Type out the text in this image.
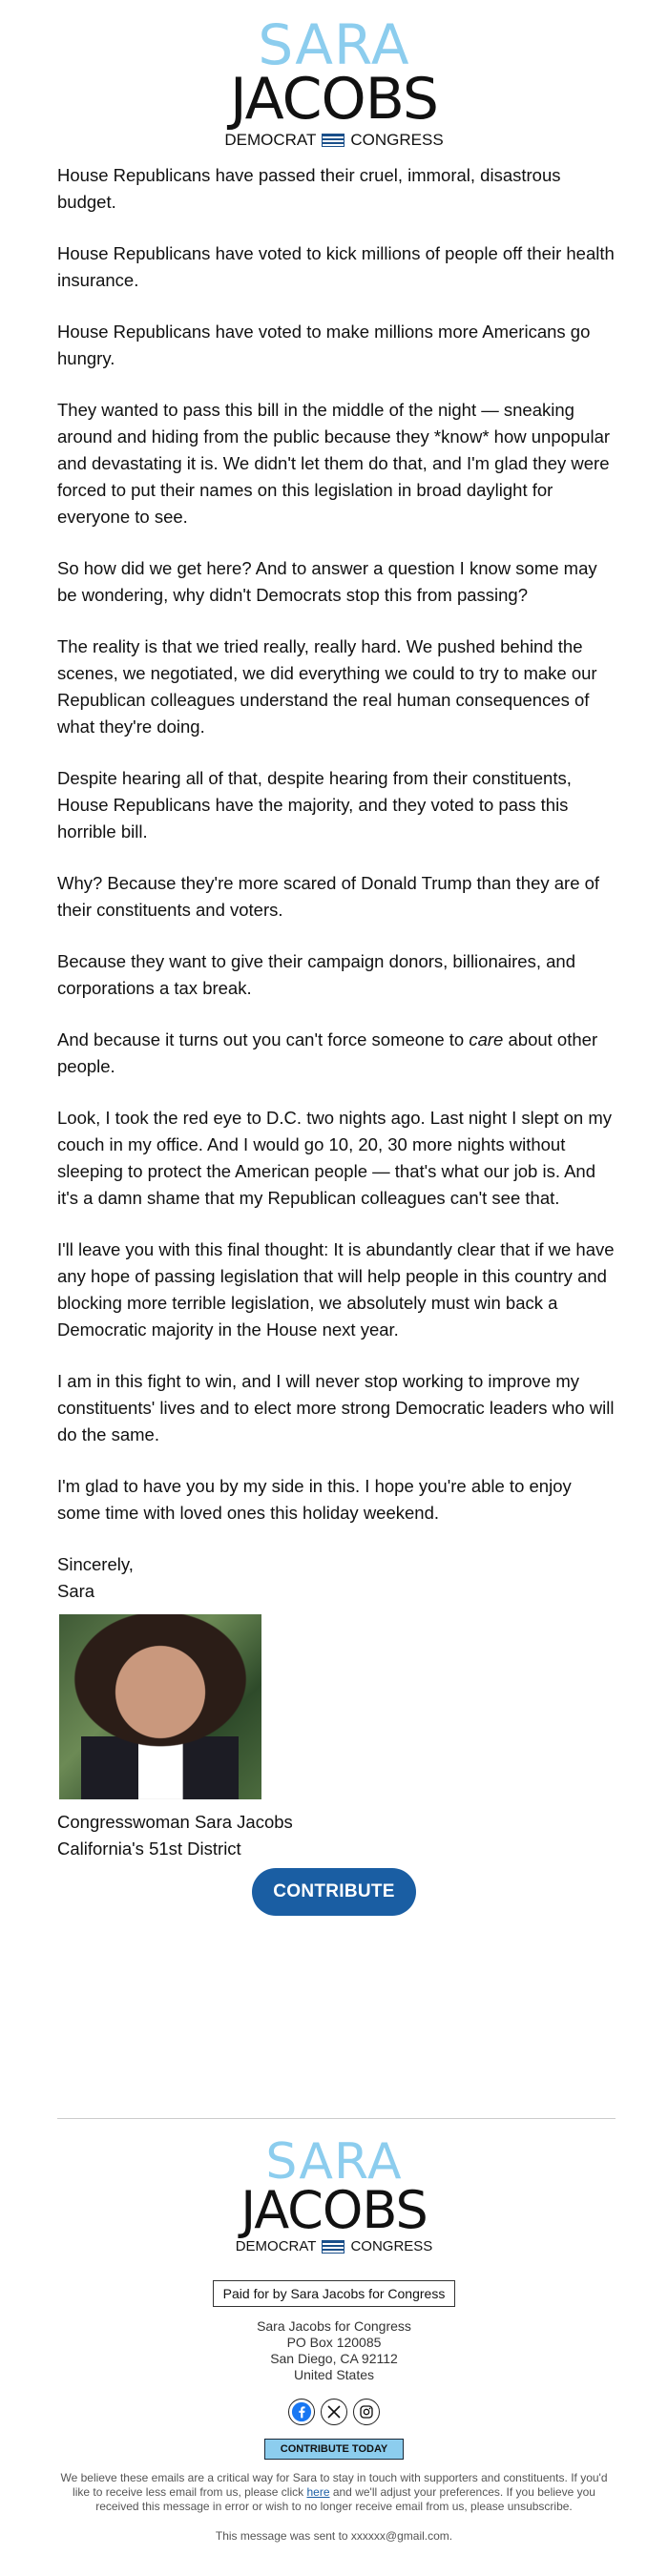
SARA
JACOBS
DEMOCRAT CONGRESS

House Republicans have passed their cruel, immoral, disastrous budget.

House Republicans have voted to kick millions of people off their health insurance.

House Republicans have voted to make millions more Americans go hungry.

They wanted to pass this bill in the middle of the night — sneaking around and hiding from the public because they *know* how unpopular and devastating it is. We didn't let them do that, and I'm glad they were forced to put their names on this legislation in broad daylight for everyone to see.

So how did we get here? And to answer a question I know some may be wondering, why didn't Democrats stop this from passing?

The reality is that we tried really, really hard. We pushed behind the scenes, we negotiated, we did everything we could to try to make our Republican colleagues understand the real human consequences of what they're doing.

Despite hearing all of that, despite hearing from their constituents, House Republicans have the majority, and they voted to pass this horrible bill.

Why? Because they're more scared of Donald Trump than they are of their constituents and voters.

Because they want to give their campaign donors, billionaires, and corporations a tax break.

And because it turns out you can't force someone to care about other people.

Look, I took the red eye to D.C. two nights ago. Last night I slept on my couch in my office. And I would go 10, 20, 30 more nights without sleeping to protect the American people — that's what our job is. And it's a damn shame that my Republican colleagues can't see that.

I'll leave you with this final thought: It is abundantly clear that if we have any hope of passing legislation that will help people in this country and blocking more terrible legislation, we absolutely must win back a Democratic majority in the House next year.

I am in this fight to win, and I will never stop working to improve my constituents' lives and to elect more strong Democratic leaders who will do the same.

I'm glad to have you by my side in this. I hope you're able to enjoy some time with loved ones this holiday weekend.

Sincerely,

Sara

Congresswoman Sara Jacobs

California's 51st District

CONTRIBUTE
SARA
JACOBS
DEMOCRAT CONGRESS
Paid for by Sara Jacobs for Congress
Sara Jacobs for Congress
PO Box 120085
San Diego, CA 92112
United States
CONTRIBUTE TODAY
We believe these emails are a critical way for Sara to stay in touch with supporters and constituents. If you'd like to receive less email from us, please click here and we'll adjust your preferences. If you believe you received this message in error or wish to no longer receive email from us, please unsubscribe.
This message was sent to xxxxxx@gmail.com.
